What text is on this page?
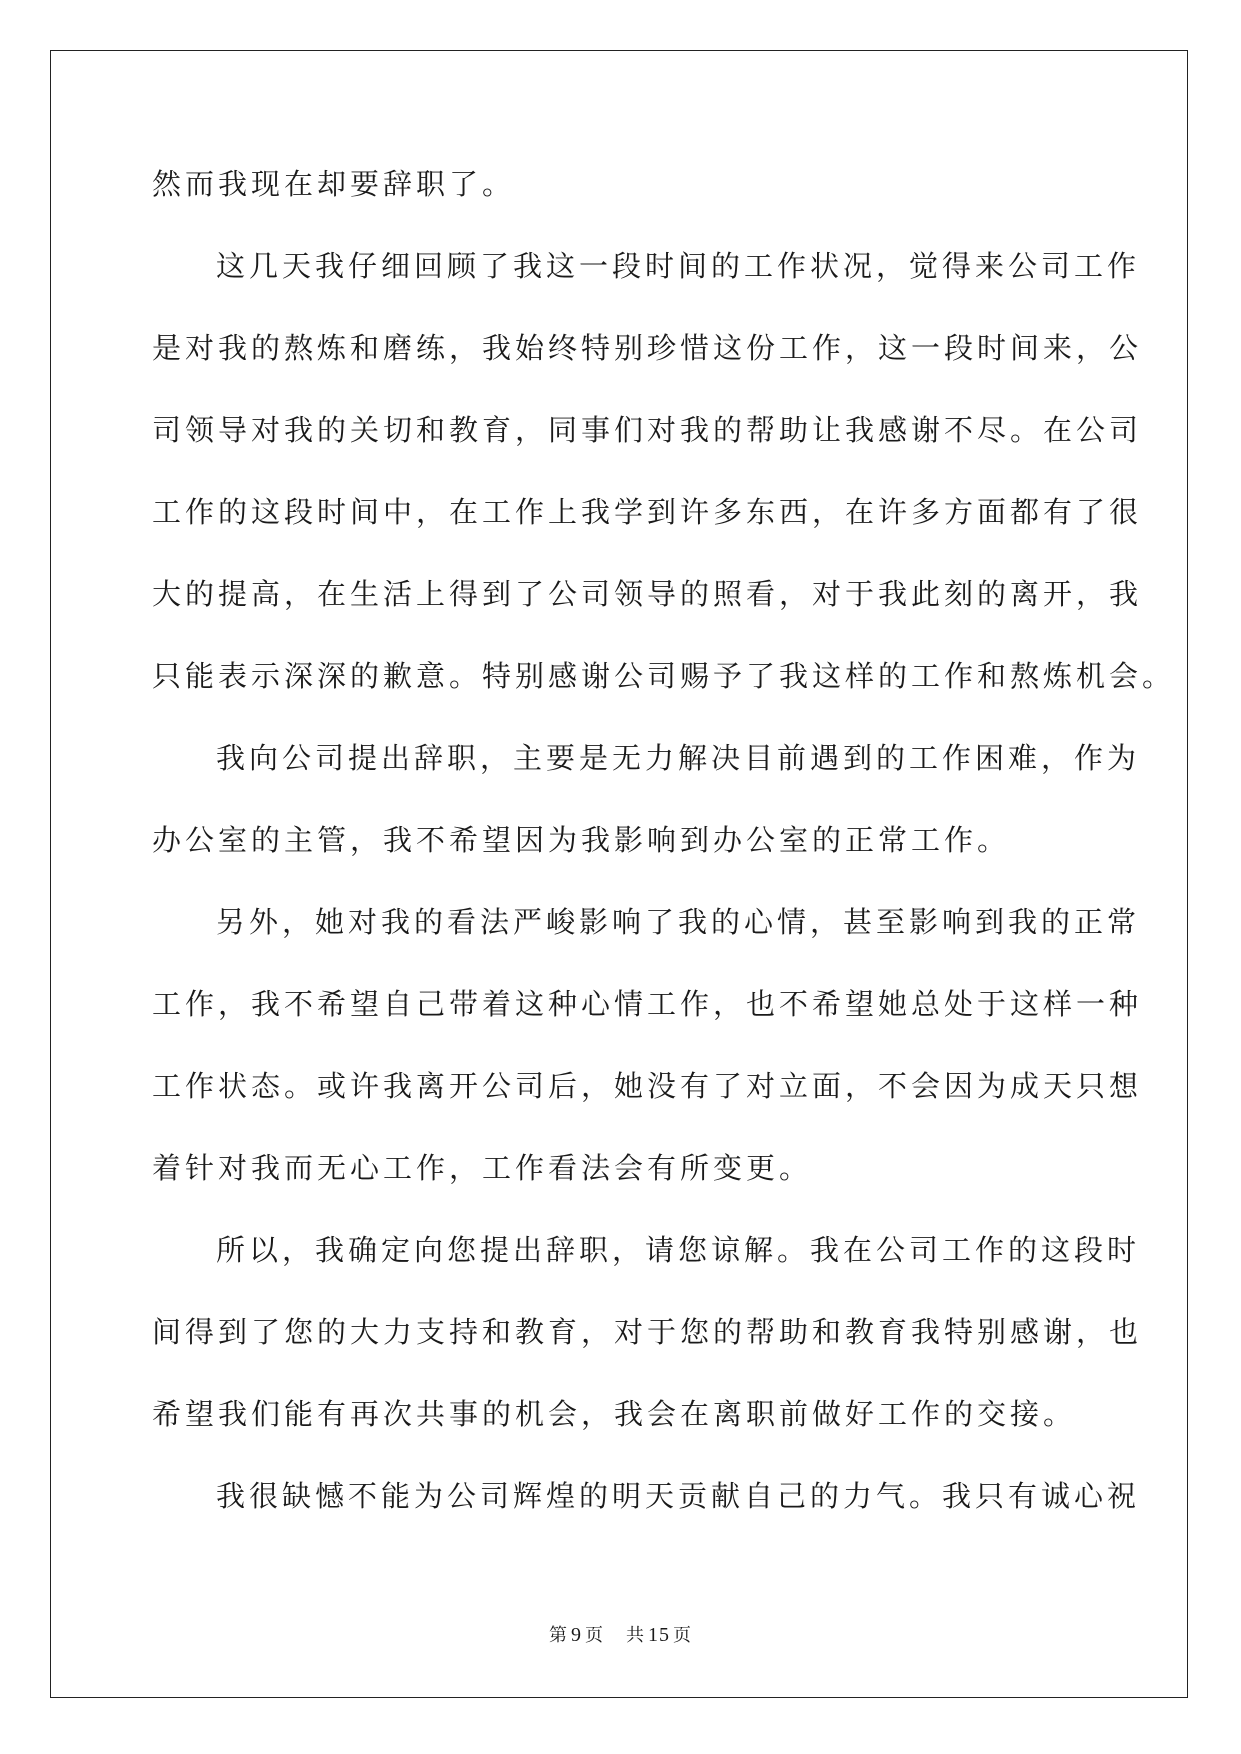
然而我现在却要辞职了。
这几天我仔细回顾了我这一段时间的工作状况，觉得来公司工作
是对我的熬炼和磨练，我始终特别珍惜这份工作，这一段时间来，公
司领导对我的关切和教育，同事们对我的帮助让我感谢不尽。在公司
工作的这段时间中，在工作上我学到许多东西，在许多方面都有了很
大的提高，在生活上得到了公司领导的照看，对于我此刻的离开，我
只能表示深深的歉意。特别感谢公司赐予了我这样的工作和熬炼机会。
我向公司提出辞职，主要是无力解决目前遇到的工作困难，作为
办公室的主管，我不希望因为我影响到办公室的正常工作。
另外，她对我的看法严峻影响了我的心情，甚至影响到我的正常
工作，我不希望自己带着这种心情工作，也不希望她总处于这样一种
工作状态。或许我离开公司后，她没有了对立面，不会因为成天只想
着针对我而无心工作，工作看法会有所变更。
所以，我确定向您提出辞职，请您谅解。我在公司工作的这段时
间得到了您的大力支持和教育，对于您的帮助和教育我特别感谢，也
希望我们能有再次共事的机会，我会在离职前做好工作的交接。
我很缺憾不能为公司辉煌的明天贡献自己的力气。我只有诚心祝
第 9 页 共 15 页
